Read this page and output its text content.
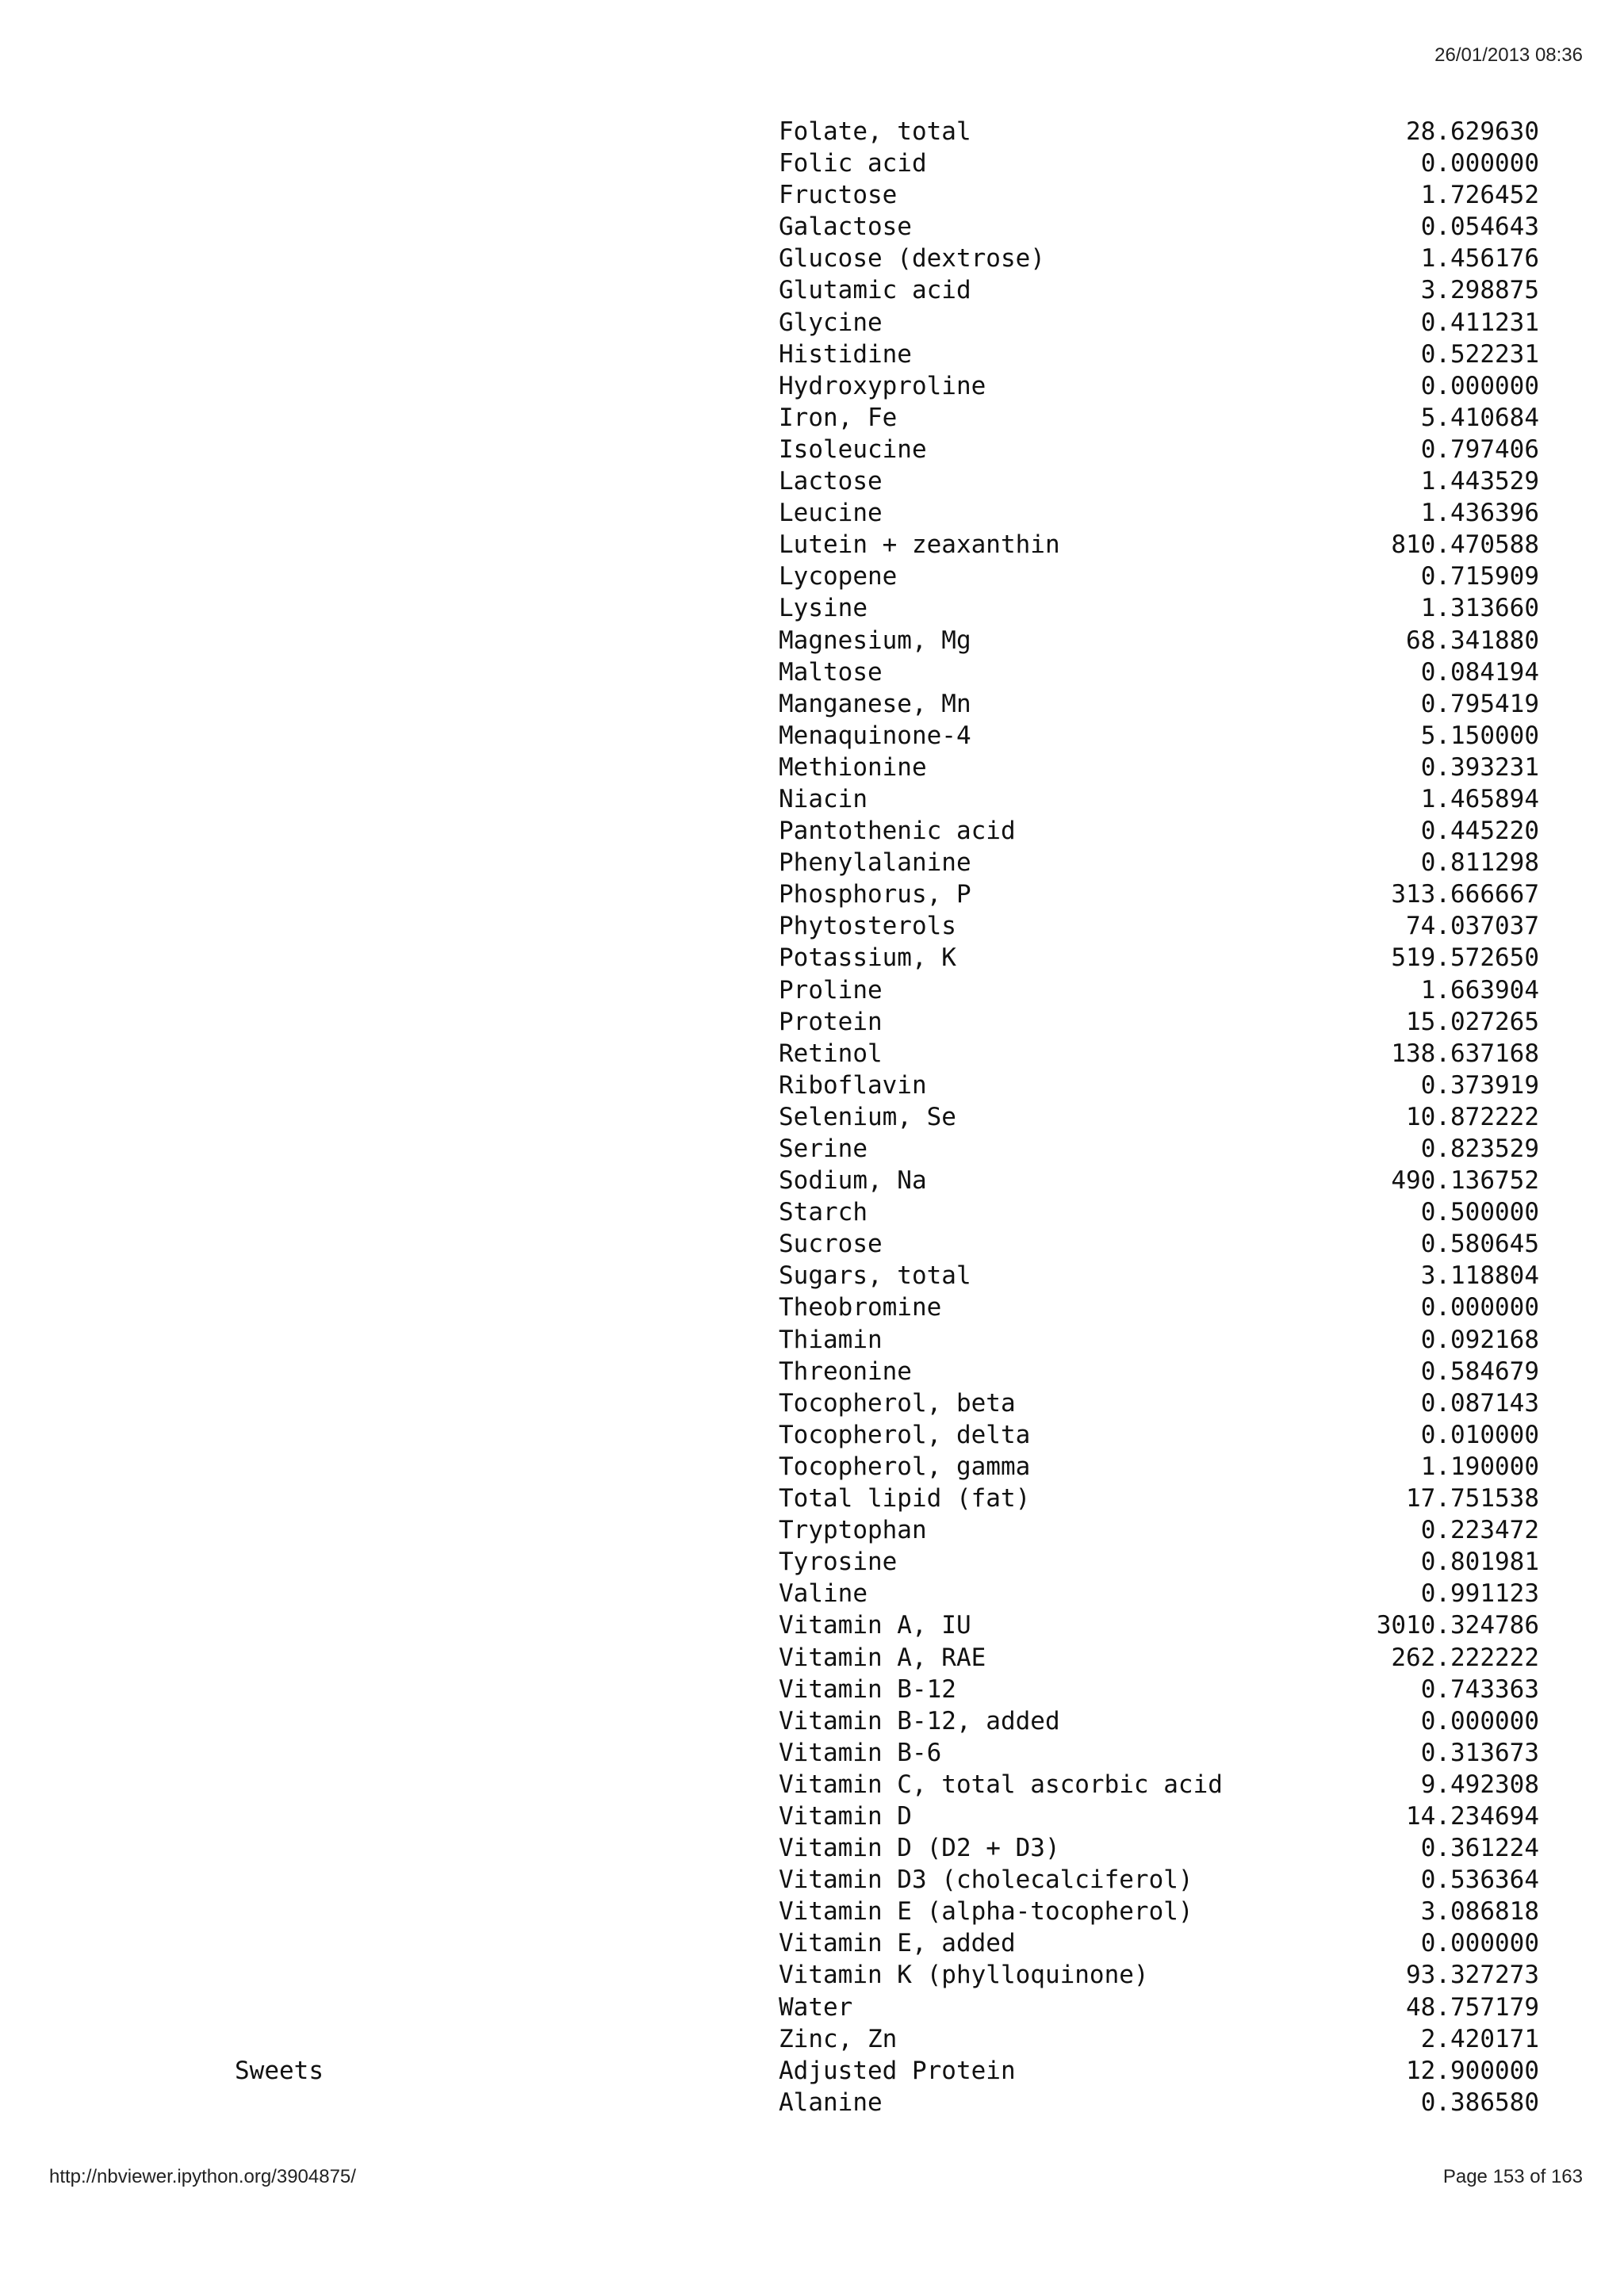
26/01/2013 08:36
Folate, total	28.629630
Folic acid	0.000000
Fructose	1.726452
Galactose	0.054643
Glucose (dextrose)	1.456176
Glutamic acid	3.298875
Glycine	0.411231
Histidine	0.522231
Hydroxyproline	0.000000
Iron, Fe	5.410684
Isoleucine	0.797406
Lactose	1.443529
Leucine	1.436396
Lutein + zeaxanthin	810.470588
Lycopene	0.715909
Lysine	1.313660
Magnesium, Mg	68.341880
Maltose	0.084194
Manganese, Mn	0.795419
Menaquinone-4	5.150000
Methionine	0.393231
Niacin	1.465894
Pantothenic acid	0.445220
Phenylalanine	0.811298
Phosphorus, P	313.666667
Phytosterols	74.037037
Potassium, K	519.572650
Proline	1.663904
Protein	15.027265
Retinol	138.637168
Riboflavin	0.373919
Selenium, Se	10.872222
Serine	0.823529
Sodium, Na	490.136752
Starch	0.500000
Sucrose	0.580645
Sugars, total	3.118804
Theobromine	0.000000
Thiamin	0.092168
Threonine	0.584679
Tocopherol, beta	0.087143
Tocopherol, delta	0.010000
Tocopherol, gamma	1.190000
Total lipid (fat)	17.751538
Tryptophan	0.223472
Tyrosine	0.801981
Valine	0.991123
Vitamin A, IU	3010.324786
Vitamin A, RAE	262.222222
Vitamin B-12	0.743363
Vitamin B-12, added	0.000000
Vitamin B-6	0.313673
Vitamin C, total ascorbic acid	9.492308
Vitamin D	14.234694
Vitamin D (D2 + D3)	0.361224
Vitamin D3 (cholecalciferol)	0.536364
Vitamin E (alpha-tocopherol)	3.086818
Vitamin E, added	0.000000
Vitamin K (phylloquinone)	93.327273
Water	48.757179
Zinc, Zn	2.420171
Sweets	Adjusted Protein	12.900000
Alanine	0.386580
http://nbviewer.ipython.org/3904875/	Page 153 of 163
